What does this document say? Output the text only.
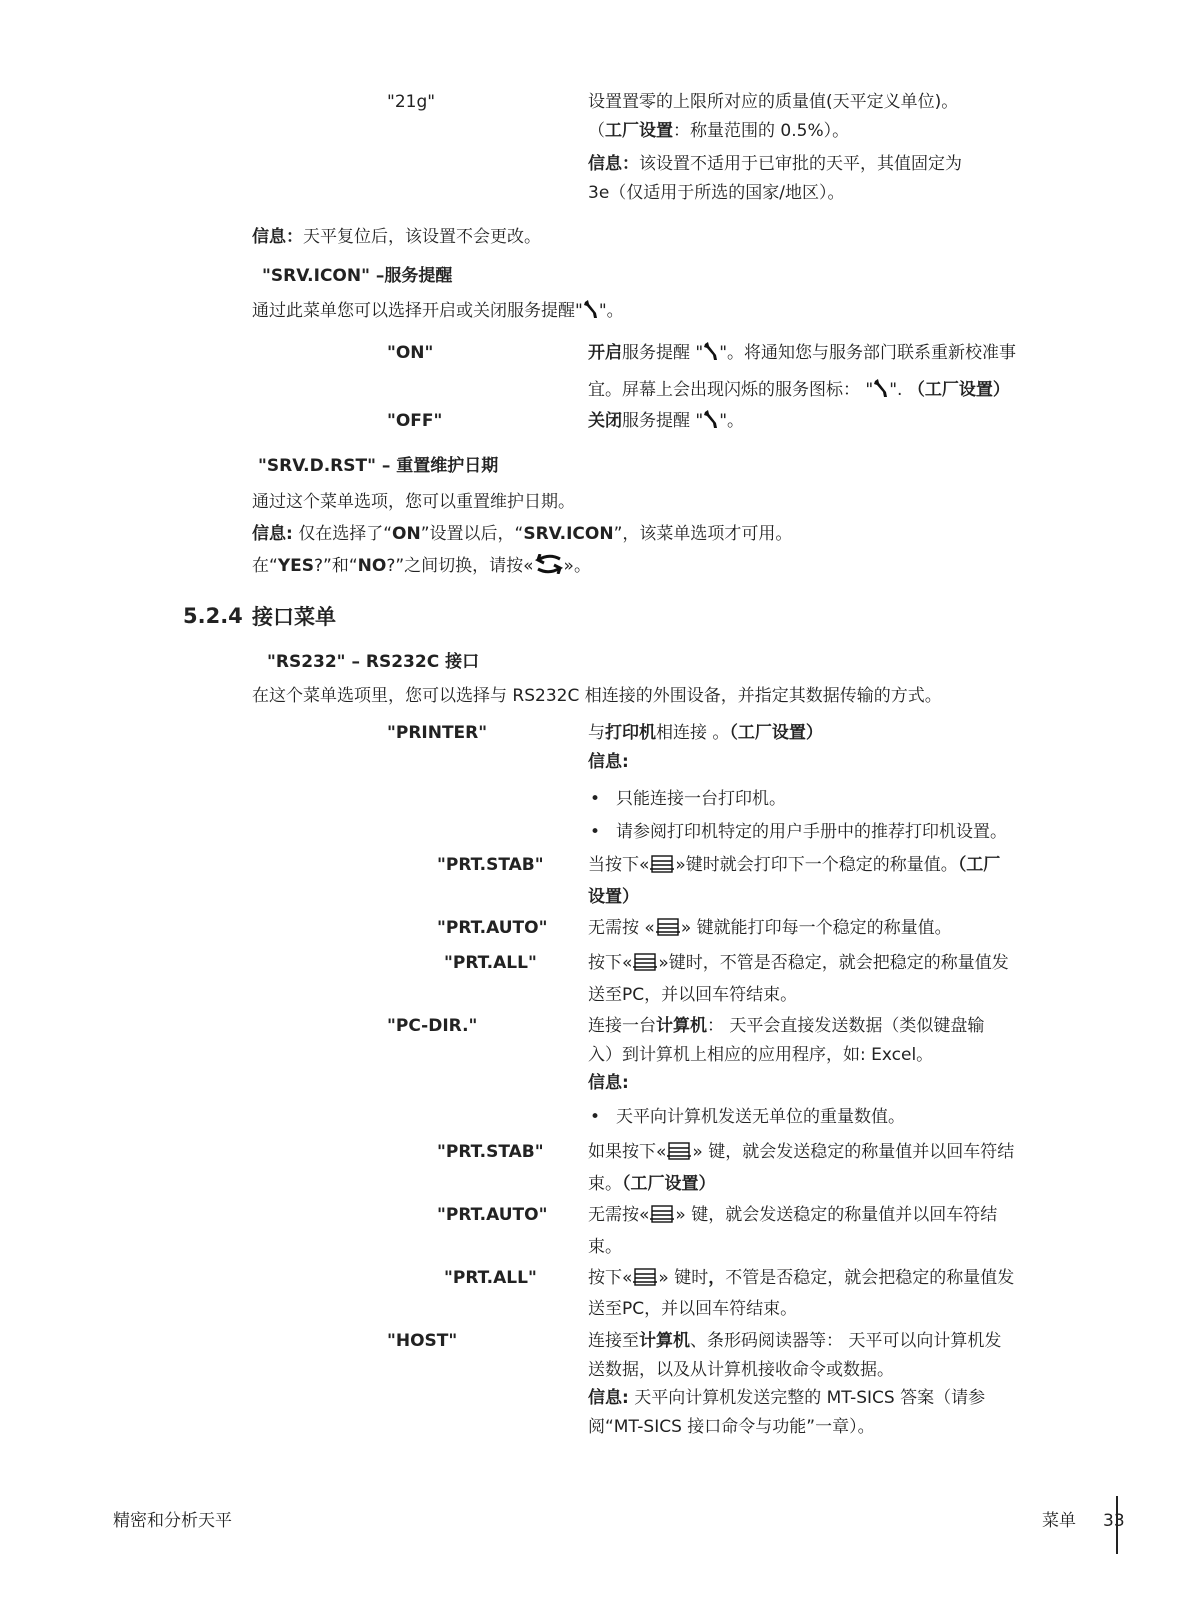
"21g"	设置置零的上限所对应的质量值(天平定义单位)。
（工厂设置：称量范围的 0.5%）。
信息：该设置不适用于已审批的天平，其值固定为
3e（仅适用于所选的国家/地区）。
信息：天平复位后，该设置不会更改。
"SRV.ICON" –服务提醒
通过此菜单您可以选择开启或关闭服务提醒" "。
"ON"	开启服务提醒 " "。将通知您与服务部门联系重新校准事
宜。屏幕上会出现闪烁的服务图标： " ". （工厂设置）
"OFF"	关闭服务提醒 " "。
"SRV.D.RST" – 重置维护日期
通过这个菜单选项，您可以重置维护日期。
信息: 仅在选择了“ON”设置以后，“SRV.ICON”，该菜单选项才可用。
在“YES?”和“NO?”之间切换，请按« »。
5.2.4 接口菜单
"RS232" – RS232C 接口
在这个菜单选项里，您可以选择与 RS232C 相连接的外围设备，并指定其数据传输的方式。
"PRINTER"	与打印机相连接 。（工厂设置）
信息:
• 只能连接一台打印机。
• 请参阅打印机特定的用户手册中的推荐打印机设置。
"PRT.STAB"	当按下« »键时就会打印下一个稳定的称量值。（工厂
设置）
"PRT.AUTO" 无需按 « » 键就能打印每一个稳定的称量值。
"PRT.ALL"	按下« »键时，不管是否稳定，就会把稳定的称量值发
送至PC，并以回车符结束。
"PC-DIR."	连接一台计算机： 天平会直接发送数据（类似键盘输
入）到计算机上相应的应用程序，如: Excel。
信息:
• 天平向计算机发送无单位的重量数值。
"PRT.STAB"	如果按下« » 键，就会发送稳定的称量值并以回车符结
束。（工厂设置）
"PRT.AUTO" 无需按« » 键，就会发送稳定的称量值并以回车符结
束。
"PRT.ALL"	按下« » 键时，不管是否稳定，就会把稳定的称量值发
送至PC，并以回车符结束。
"HOST"	连接至计算机、条形码阅读器等： 天平可以向计算机发
送数据，以及从计算机接收命令或数据。
信息: 天平向计算机发送完整的 MT-SICS 答案（请参
阅“MT-SICS 接口命令与功能”一章）。
精密和分析天平	菜单 33
